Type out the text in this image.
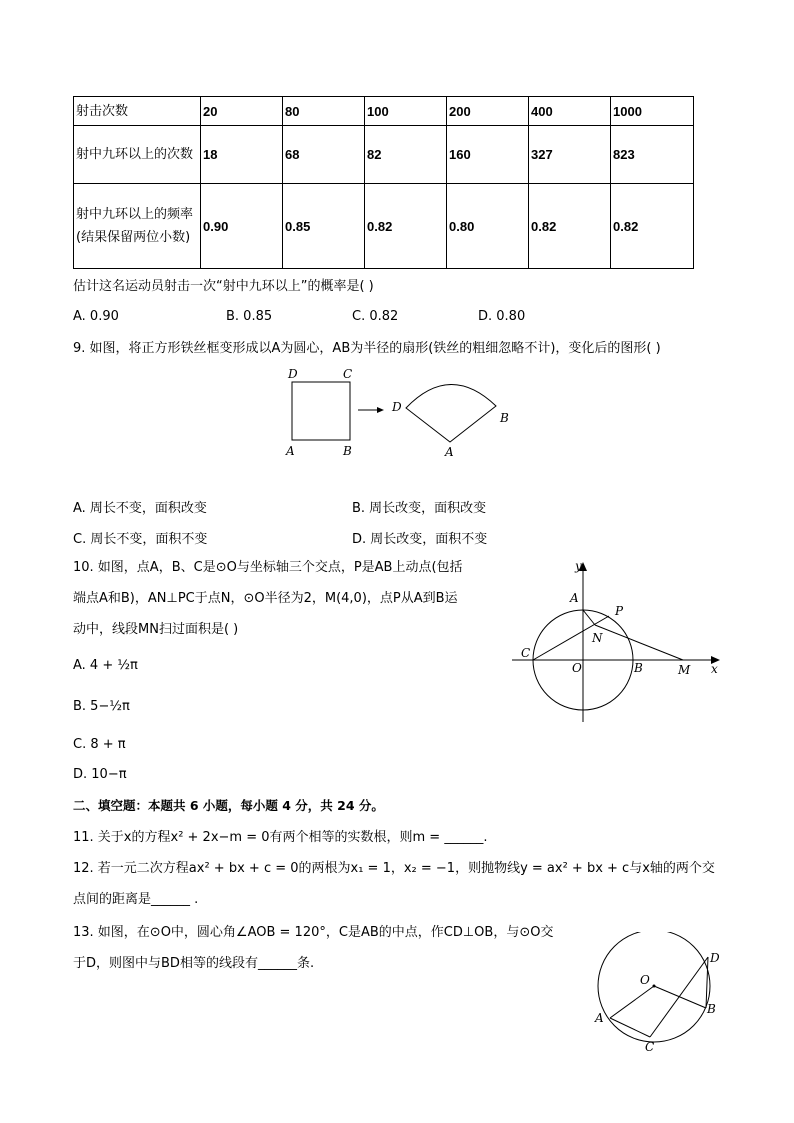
射击次数	20	80	100	200	400	1000
射中九环以上的次数	18	68	82	160	327	823
射中九环以上的频率(结果保留两位小数)	0.90	0.85	0.82	0.80	0.82	0.82
估计这名运动员射击一次“射中九环以上”的概率是( )
A. 0.90	B. 0.85	C. 0.82	D. 0.80
9. 如图，将正方形铁丝框变形成以A为圆心，AB为半径的扇形(铁丝的粗细忽略不计)，变化后的图形( )
D	C
A	B
D
B
A
A. 周长不变，面积改变	B. 周长改变，面积改变
C. 周长不变，面积不变	D. 周长改变，面积不变
10. 如图，点A，B、C是⊙O与坐标轴三个交点，P是AB上动点(包括
端点A和B)，AN⊥PC于点N，⊙O半径为2，M(4,0)，点P从A到B运
动中，线段MN扫过面积是( )
A. 4 + ½π
B. 5−½π
C. 8 + π
D. 10−π
y
A
P
N
C
O	B	M x
二、填空题：本题共 6 小题，每小题 4 分，共 24 分。
11. 关于x的方程x² + 2x−m = 0有两个相等的实数根，则m = ______.
12. 若一元二次方程ax² + bx + c = 0的两根为x₁ = 1，x₂ = −1，则抛物线y = ax² + bx + c与x轴的两个交
点间的距离是______ .
13. 如图，在⊙O中，圆心角∠AOB = 120°，C是AB的中点，作CD⊥OB，与⊙O交
于D，则图中与BD相等的线段有______条.
O
D
B
A
C
